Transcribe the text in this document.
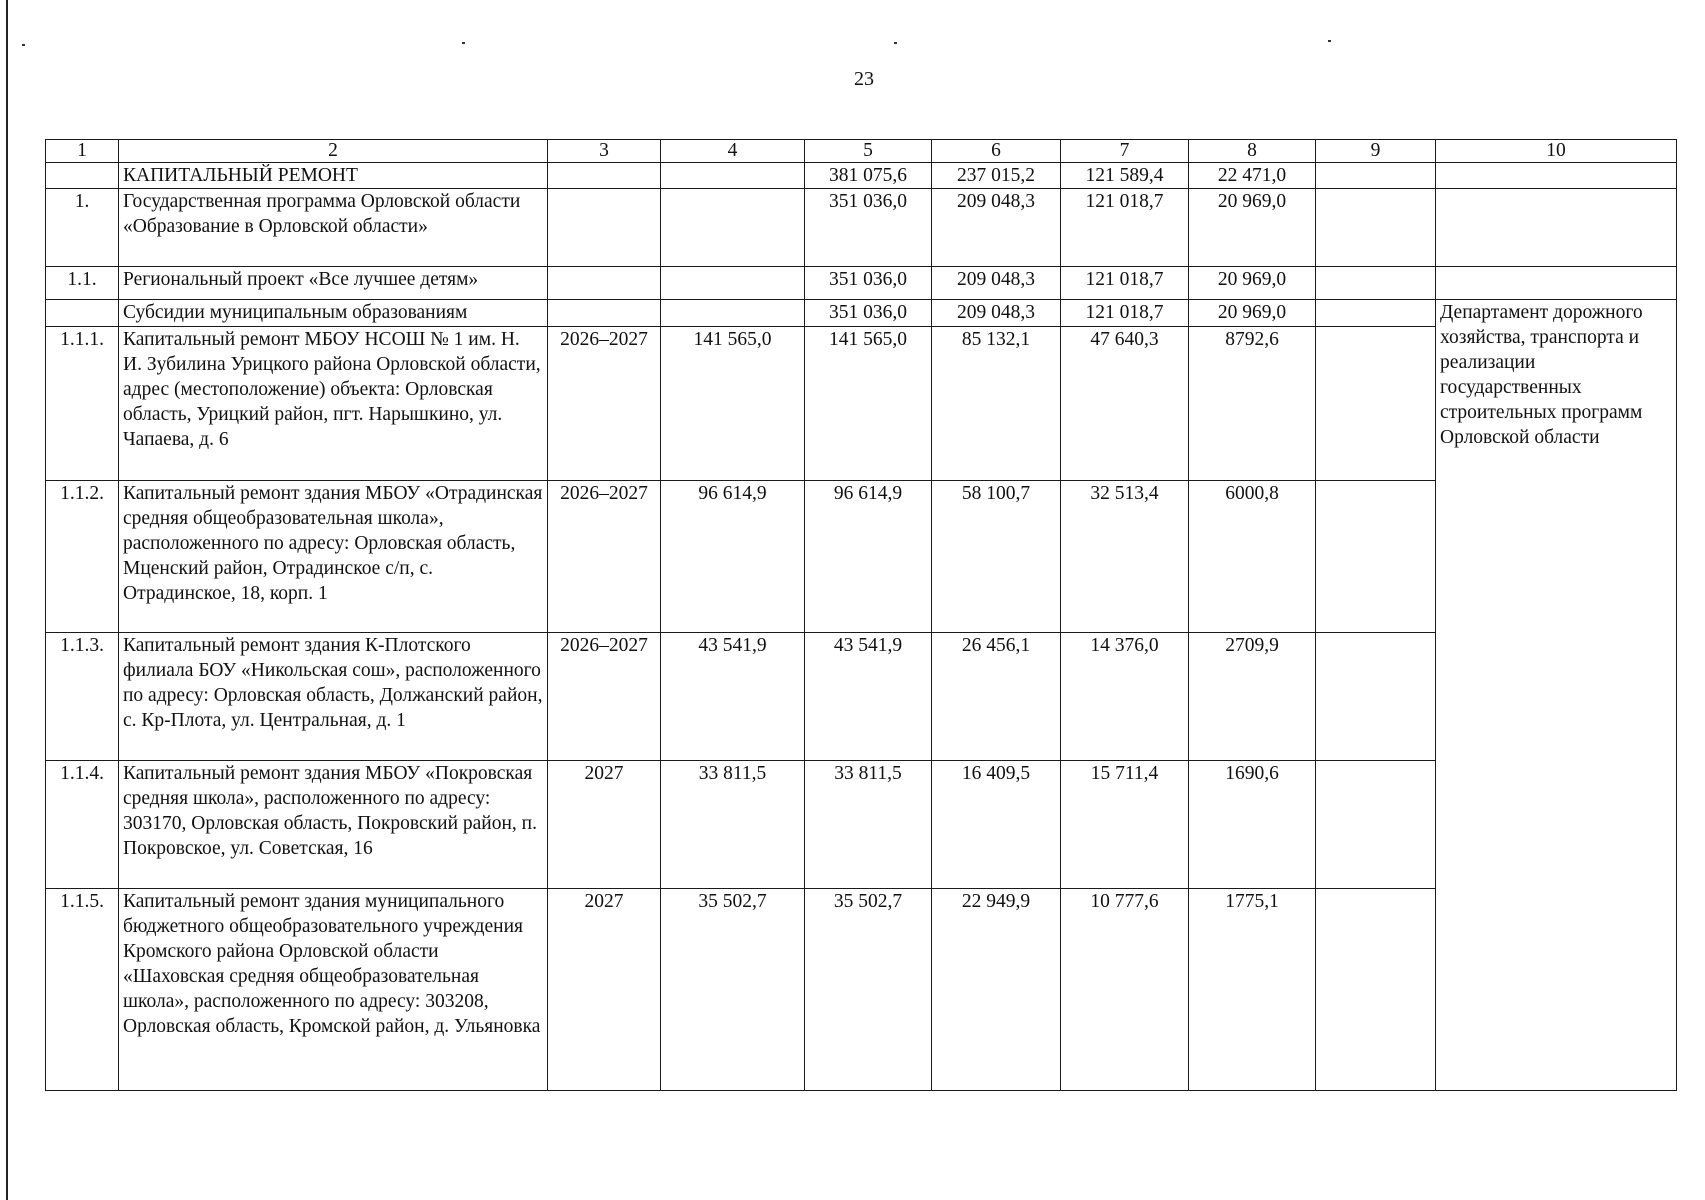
23
1	2	3	4	5	6	7	8	9	10
	КАПИТАЛЬНЫЙ РЕМОНТ			381 075,6	237 015,2	121 589,4	22 471,0		
1.	Государственная программа Орловской области «Образование в Орловской области»			351 036,0	209 048,3	121 018,7	20 969,0		
1.1.	Региональный проект «Все лучшее детям»			351 036,0	209 048,3	121 018,7	20 969,0		
	Субсидии муниципальным образованиям			351 036,0	209 048,3	121 018,7	20 969,0		Департамент дорожного хозяйства, транспорта и реализации государственных строительных программ Орловской области
1.1.1.	Капитальный ремонт МБОУ НСОШ № 1 им. Н. И. Зубилина Урицкого района Орловской области, адрес (местоположение) объекта: Орловская область, Урицкий район, пгт. Нарышкино, ул. Чапаева, д. 6	2026–2027	141 565,0	141 565,0	85 132,1	47 640,3	8792,6		
1.1.2.	Капитальный ремонт здания МБОУ «Отрадинская средняя общеобразовательная школа», расположенного по адресу: Орловская область, Мценский район, Отрадинское с/п, с. Отрадинское, 18, корп. 1	2026–2027	96 614,9	96 614,9	58 100,7	32 513,4	6000,8		
1.1.3.	Капитальный ремонт здания К-Плотского филиала БОУ «Никольская сош», расположенного по адресу: Орловская область, Должанский район, с. Кр-Плота, ул. Центральная, д. 1	2026–2027	43 541,9	43 541,9	26 456,1	14 376,0	2709,9		
1.1.4.	Капитальный ремонт здания МБОУ «Покровская средняя школа», расположенного по адресу: 303170, Орловская область, Покровский район, п. Покровское, ул. Советская, 16	2027	33 811,5	33 811,5	16 409,5	15 711,4	1690,6		
1.1.5.	Капитальный ремонт здания муниципального бюджетного общеобразовательного учреждения Кромского района Орловской области «Шаховская средняя общеобразовательная школа», расположенного по адресу: 303208, Орловская область, Кромской район, д. Ульяновка	2027	35 502,7	35 502,7	22 949,9	10 777,6	1775,1		
